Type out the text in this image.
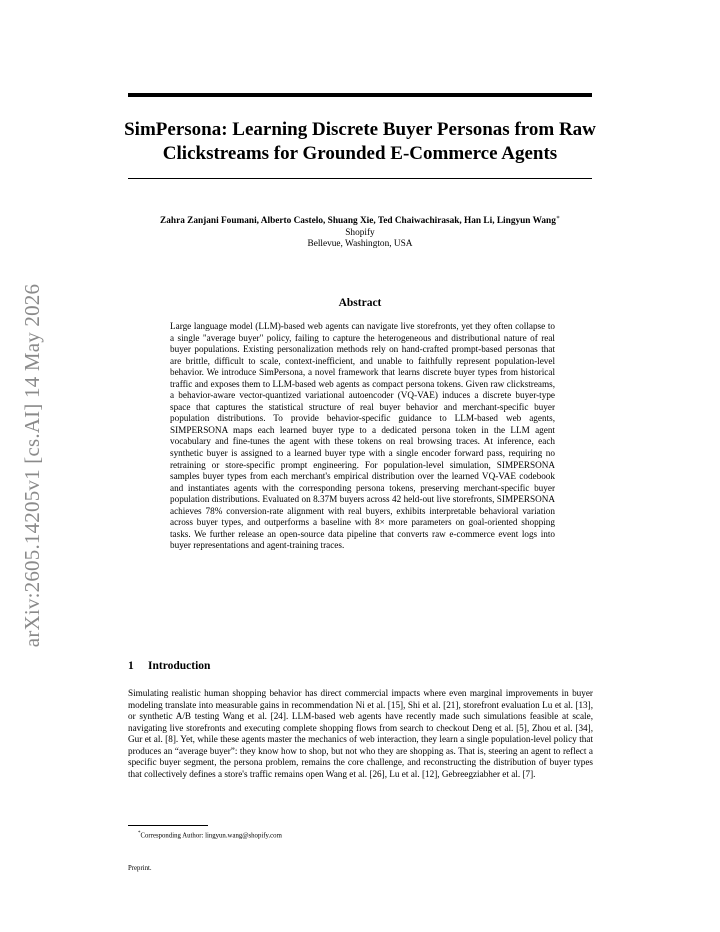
arXiv:2605.14205v1 [cs.AI] 14 May 2026
SimPersona: Learning Discrete Buyer Personas from Raw Clickstreams for Grounded E-Commerce Agents
Zahra Zanjani Foumani, Alberto Castelo, Shuang Xie, Ted Chaiwachirasak, Han Li, Lingyun Wang∗
Shopify
Bellevue, Washington, USA
Abstract
Large language model (LLM)-based web agents can navigate live storefronts, yet they often collapse to a single "average buyer" policy, failing to capture the heterogeneous and distributional nature of real buyer populations. Existing personalization methods rely on hand-crafted prompt-based personas that are brittle, difficult to scale, context-inefficient, and unable to faithfully represent population-level behavior. We introduce SimPersona, a novel framework that learns discrete buyer types from historical traffic and exposes them to LLM-based web agents as compact persona tokens. Given raw clickstreams, a behavior-aware vector-quantized variational autoencoder (VQ-VAE) induces a discrete buyer-type space that captures the statistical structure of real buyer behavior and merchant-specific buyer population distributions. To provide behavior-specific guidance to LLM-based web agents, SIMPERSONA maps each learned buyer type to a dedicated persona token in the LLM agent vocabulary and fine-tunes the agent with these tokens on real browsing traces. At inference, each synthetic buyer is assigned to a learned buyer type with a single encoder forward pass, requiring no retraining or store-specific prompt engineering. For population-level simulation, SIMPERSONA samples buyer types from each merchant's empirical distribution over the learned VQ-VAE codebook and instantiates agents with the corresponding persona tokens, preserving merchant-specific buyer population distributions. Evaluated on 8.37M buyers across 42 held-out live storefronts, SIMPERSONA achieves 78% conversion-rate alignment with real buyers, exhibits interpretable behavioral variation across buyer types, and outperforms a baseline with 8× more parameters on goal-oriented shopping tasks. We further release an open-source data pipeline that converts raw e-commerce event logs into buyer representations and agent-training traces.
1 Introduction
Simulating realistic human shopping behavior has direct commercial impacts where even marginal improvements in buyer modeling translate into measurable gains in recommendation Ni et al. [15], Shi et al. [21], storefront evaluation Lu et al. [13], or synthetic A/B testing Wang et al. [24]. LLM-based web agents have recently made such simulations feasible at scale, navigating live storefronts and executing complete shopping flows from search to checkout Deng et al. [5], Zhou et al. [34], Gur et al. [8]. Yet, while these agents master the mechanics of web interaction, they learn a single population-level policy that produces an “average buyer”: they know how to shop, but not who they are shopping as. That is, steering an agent to reflect a specific buyer segment, the persona problem, remains the core challenge, and reconstructing the distribution of buyer types that collectively defines a store's traffic remains open Wang et al. [26], Lu et al. [12], Gebreegziabher et al. [7].
*Corresponding Author: lingyun.wang@shopify.com
Preprint.
